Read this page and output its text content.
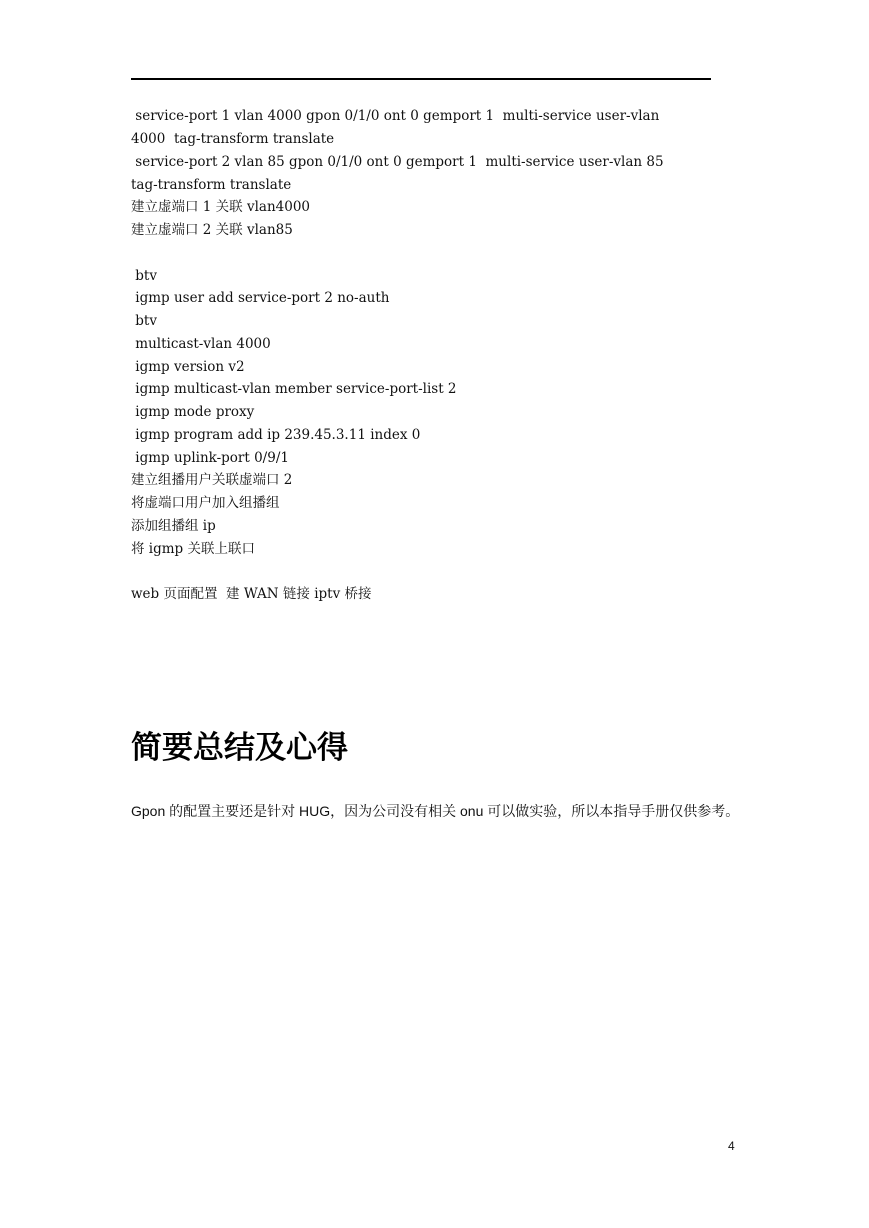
service-port 1 vlan 4000 gpon 0/1/0 ont 0 gemport 1  multi-service user-vlan
4000  tag-transform translate
service-port 2 vlan 85 gpon 0/1/0 ont 0 gemport 1  multi-service user-vlan 85
tag-transform translate
建立虚端口 1 关联 vlan4000
建立虚端口 2 关联 vlan85
btv
igmp user add service-port 2 no-auth
btv
multicast-vlan 4000
igmp version v2
igmp multicast-vlan member service-port-list 2
igmp mode proxy
igmp program add ip 239.45.3.11 index 0
igmp uplink-port 0/9/1
建立组播用户关联虚端口 2
将虚端口用户加入组播组
添加组播组 ip
将 igmp 关联上联口
web 页面配置  建 WAN 链接 iptv 桥接
简要总结及心得
Gpon 的配置主要还是针对 HUG，因为公司没有相关 onu 可以做实验，所以本指导手册仅供参考。
4
